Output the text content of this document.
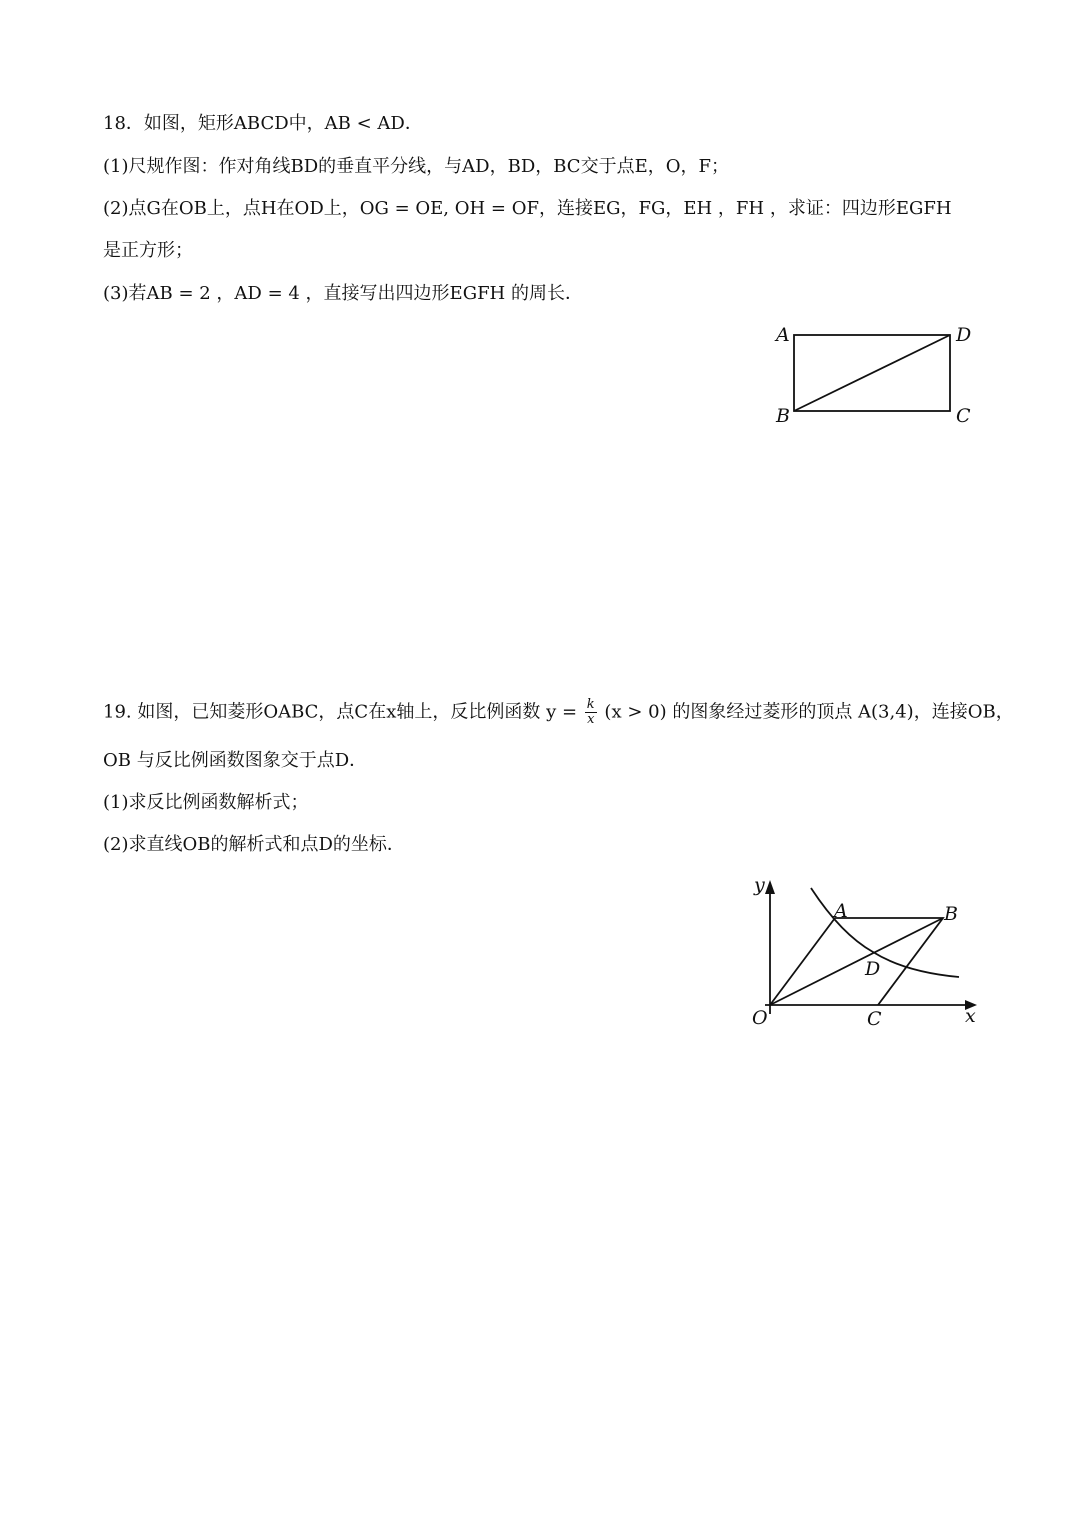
18．如图，矩形ABCD中，AB < AD．
(1)尺规作图：作对角线BD的垂直平分线，与AD，BD，BC交于点E，O，F；
(2)点G在OB上，点H在OD上，OG = OE, OH = OF，连接EG，FG，EH ，FH ，求证：四边形EGFH
是正方形；
(3)若AB = 2 ，AD = 4 ，直接写出四边形EGFH 的周长．
A	D
B	C
19. 如图，已知菱形OABC，点C在x轴上，反比例函数 $y = \frac{k}{x} (x > 0)$ 的图象经过菱形的顶点 A(3,4)，连接OB，
OB 与反比例函数图象交于点D．
(1)求反比例函数解析式；
(2)求直线OB的解析式和点D的坐标．
y
x
O
A	B
C
D
